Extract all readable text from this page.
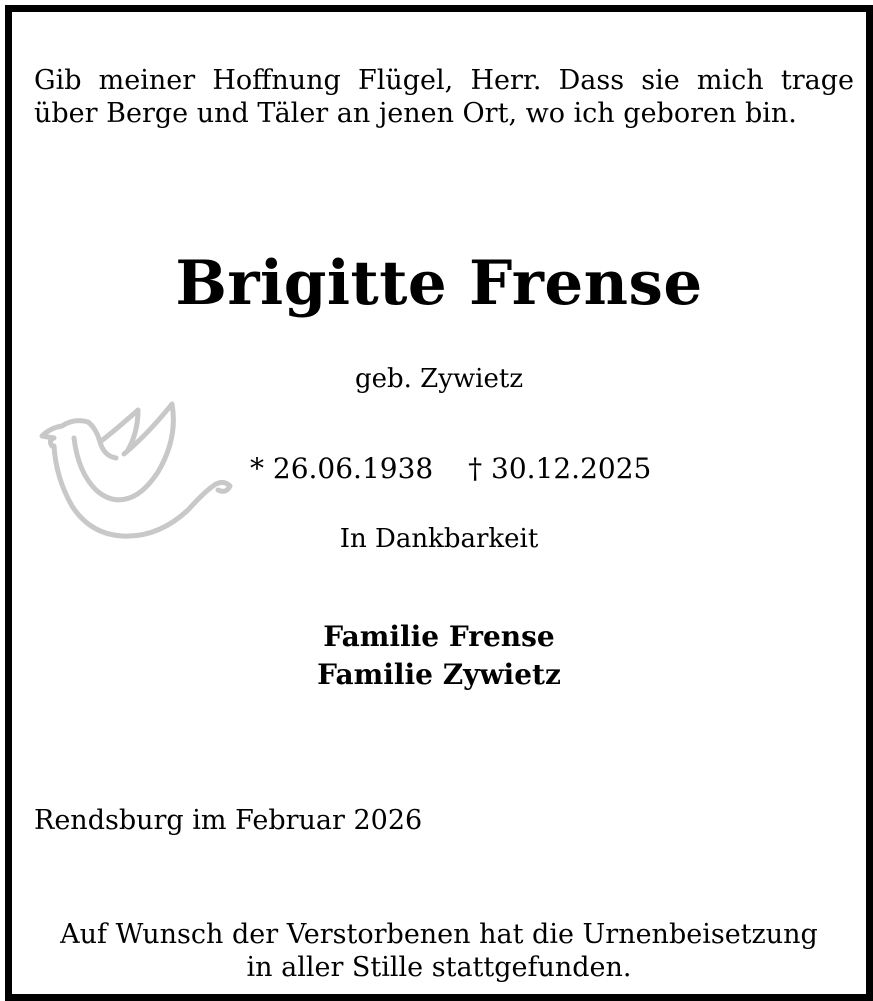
Gib meiner Hoffnung Flügel, Herr. Dass sie mich trage
über Berge und Täler an jenen Ort, wo ich geboren bin.
Brigitte Frense
geb. Zywietz
* 26.06.1938 † 30.12.2025
In Dankbarkeit
Familie Frense
Familie Zywietz
Rendsburg im Februar 2026
Auf Wunsch der Verstorbenen hat die Urnenbeisetzung
in aller Stille stattgefunden.
